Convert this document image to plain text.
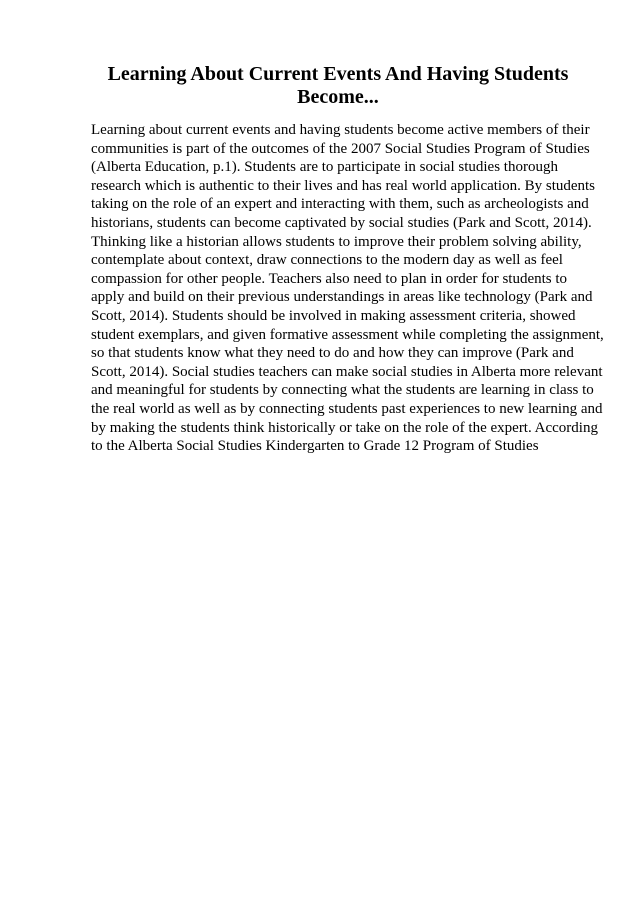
Learning About Current Events And Having Students
Become...
Learning about current events and having students become active members of their
communities is part of the outcomes of the 2007 Social Studies Program of Studies
(Alberta Education, p.1). Students are to participate in social studies thorough
research which is authentic to their lives and has real world application. By students
taking on the role of an expert and interacting with them, such as archeologists and
historians, students can become captivated by social studies (Park and Scott, 2014).
Thinking like a historian allows students to improve their problem solving ability,
contemplate about context, draw connections to the modern day as well as feel
compassion for other people. Teachers also need to plan in order for students to
apply and build on their previous understandings in areas like technology (Park and
Scott, 2014). Students should be involved in making assessment criteria, showed
student exemplars, and given formative assessment while completing the assignment,
so that students know what they need to do and how they can improve (Park and
Scott, 2014). Social studies teachers can make social studies in Alberta more relevant
and meaningful for students by connecting what the students are learning in class to
the real world as well as by connecting students past experiences to new learning and
by making the students think historically or take on the role of the expert. According
to the Alberta Social Studies Kindergarten to Grade 12 Program of Studies
